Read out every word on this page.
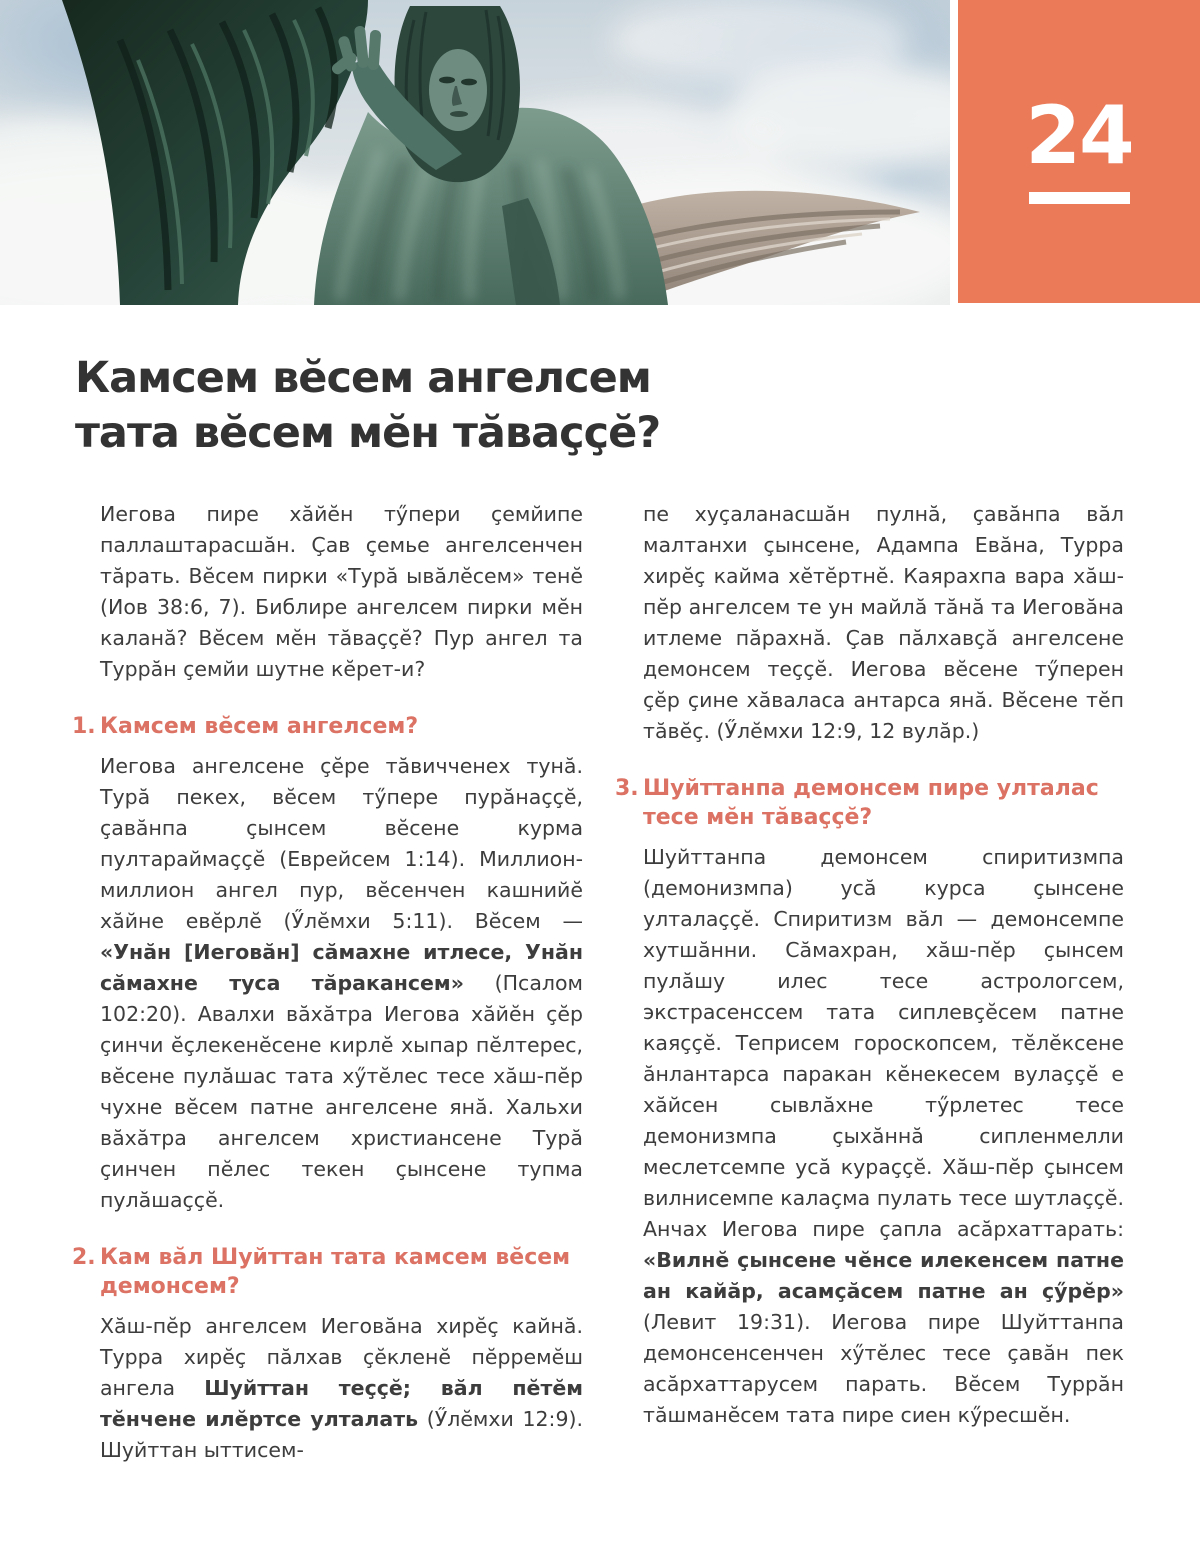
24
Камсем вӗсем ангелсем тата вӗсем мӗн тӑваҫҫӗ?

Иегова пире хӑйӗн тӳпери ҫемйипе паллаштарасшӑн. Ҫав ҫемье ангелсенчен тӑрать. Вӗсем пирки «Турӑ ывӑлӗсем» тенӗ (Иов 38:6, 7). Библире ангелсем пирки мӗн каланӑ? Вӗсем мӗн тӑваҫҫӗ? Пур ангел та Туррӑн ҫемйи шутне кӗрет-и?

1. Камсем вӗсем ангелсем?

Иегова ангелсене ҫӗре тӑвичченех тунӑ. Турӑ пекех, вӗсем тӳпере пурӑнаҫҫӗ, ҫавӑнпа ҫынсем вӗсене курма пултараймаҫҫӗ (Еврейсем 1:14). Миллион-миллион ангел пур, вӗсенчен кашнийӗ хӑйне евӗрлӗ (Ӳлӗмхи 5:11). Вӗсем — «Унӑн [Иеговӑн] сӑмахне итлесе, Унӑн сӑмахне туса тӑракансем» (Псалом 102:20). Авалхи вӑхӑтра Иегова хӑйӗн ҫӗр ҫинчи ӗҫлекенӗсене кирлӗ хыпар пӗлтерес, вӗсене пулӑшас тата хӳтӗлес тесе хӑш-пӗр чухне вӗсем патне ангелсене янӑ. Хальхи вӑхӑтра ангелсем христиансене Турӑ ҫинчен пӗлес текен ҫынсене тупма пулӑшаҫҫӗ.

2. Кам вӑл Шуйттан тата камсем вӗсем демонсем?

Хӑш-пӗр ангелсем Иеговӑна хирӗҫ кайнӑ. Турра хирӗҫ пӑлхав ҫӗкленӗ пӗрремӗш ангела Шуйттан теҫҫӗ; вӑл пӗтӗм тӗнчене илӗртсе улталать (Ӳлӗмхи 12:9). Шуйттан ыттисем-

пе хуҫаланасшӑн пулнӑ, ҫавӑнпа вӑл малтанхи ҫынсене, Адампа Евӑна, Турра хирӗҫ кайма хӗтӗртнӗ. Каярахпа вара хӑш-пӗр ангелсем те ун майлӑ тӑнӑ та Иеговӑна итлеме пӑрахнӑ. Ҫав пӑлхавҫӑ ангелсене демонсем теҫҫӗ. Иегова вӗсене тӳперен ҫӗр ҫине хӑваласа антарса янӑ. Вӗсене тӗп тӑвӗҫ. (Ӳлӗмхи 12:9, 12 вулӑр.)

3. Шуйттанпа демонсем пире улталас тесе мӗн тӑваҫҫӗ?

Шуйттанпа демонсем спиритизмпа (демонизмпа) усӑ курса ҫынсене улталаҫҫӗ. Спиритизм вӑл — демонсемпе хутшӑнни. Сӑмахран, хӑш-пӗр ҫынсем пулӑшу илес тесе астрологсем, экстрасенссем тата сиплевҫӗсем патне каяҫҫӗ. Теприсем гороскопсем, тӗлӗксене ӑнлантарса паракан кӗнекесем вулаҫҫӗ е хӑйсен сывлӑхне тӳрлетес тесе демонизмпа ҫыхӑннӑ сипленмелли меслетсемпе усӑ кураҫҫӗ. Хӑш-пӗр ҫынсем вилнисемпе калаҫма пулать тесе шутлаҫҫӗ. Анчах Иегова пире ҫапла асӑрхаттарать: «Вилнӗ ҫынсене чӗнсе илекенсем патне ан кайӑр, асамҫӑсем патне ан ҫӳрӗр» (Левит 19:31). Иегова пире Шуйттанпа демонсенсенчен хӳтӗлес тесе ҫавӑн пек асӑрхаттарусем парать. Вӗсем Туррӑн тӑшманӗсем тата пире сиен кӳресшӗн.
